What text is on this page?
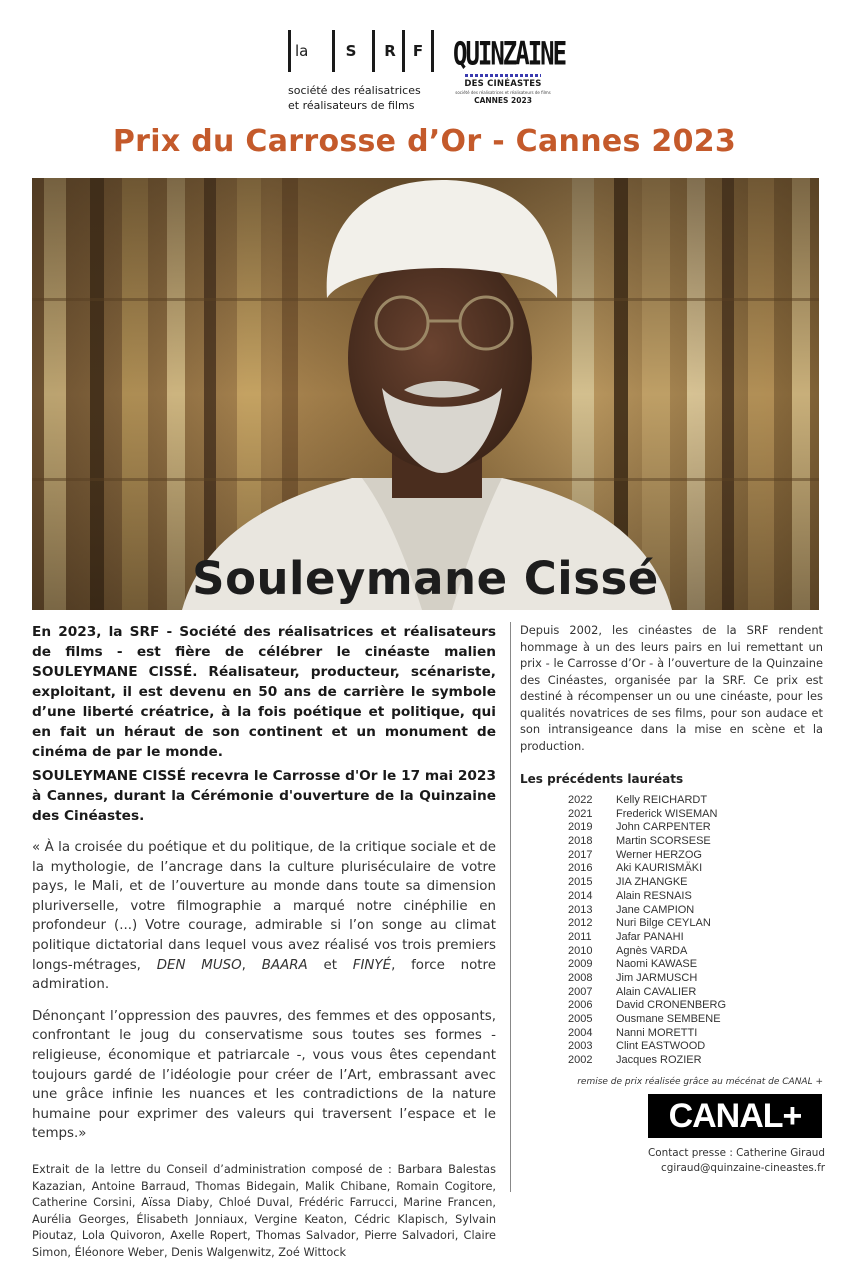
la	S	R	F
société des réalisatrices
et réalisateurs de films
QUINZAINE
DES CINÉASTES
société des réalisatrices et réalisateurs de films
CANNES 2023
Prix du Carrosse d’Or - Cannes 2023
Souleymane Cissé

En 2023, la SRF - Société des réalisatrices et réalisateurs de films - est fière de célébrer le cinéaste malien SOULEYMANE CISSÉ. Réalisateur, producteur, scénariste, exploitant, il est devenu en 50 ans de carrière le symbole d’une liberté créatrice, à la fois poétique et politique, qui en fait un héraut de son continent et un monument de cinéma de par le monde.

SOULEYMANE CISSÉ recevra le Carrosse d'Or le 17 mai 2023 à Cannes, durant la Cérémonie d'ouverture de la Quinzaine des Cinéastes.

« À la croisée du poétique et du politique, de la critique sociale et de la mythologie, de l’ancrage dans la culture pluriséculaire de votre pays, le Mali, et de l’ouverture au monde dans toute sa dimension pluriverselle, votre filmographie a marqué notre cinéphilie en profondeur (...) Votre courage, admirable si l’on songe au climat politique dictatorial dans lequel vous avez réalisé vos trois premiers longs-métrages, DEN MUSO, BAARA et FINYÉ, force notre admiration.

Dénonçant l’oppression des pauvres, des femmes et des opposants, confrontant le joug du conservatisme sous toutes ses formes - religieuse, économique et patriarcale -, vous vous êtes cependant toujours gardé de l’idéologie pour créer de l’Art, embrassant avec une grâce infinie les nuances et les contradictions de la nature humaine pour exprimer des valeurs qui traversent l’espace et le temps.»

Extrait de la lettre du Conseil d’administration composé de : Barbara Balestas Kazazian, Antoine Barraud, Thomas Bidegain, Malik Chibane, Romain Cogitore, Catherine Corsini, Aïssa Diaby, Chloé Duval, Frédéric Farrucci, Marine Francen, Aurélia Georges, Élisabeth Jonniaux, Vergine Keaton, Cédric Klapisch, Sylvain Pioutaz, Lola Quivoron, Axelle Ropert, Thomas Salvador, Pierre Salvadori, Claire Simon, Éléonore Weber, Denis Walgenwitz, Zoé Wittock

Depuis 2002, les cinéastes de la SRF rendent hommage à un des leurs pairs en lui remettant un prix - le Carrosse d’Or - à l’ouverture de la Quinzaine des Cinéastes, organisée par la SRF. Ce prix est destiné à récompenser un ou une cinéaste, pour les qualités novatrices de ses films, pour son audace et son intransigeance dans la mise en scène et la production.

Les précédents lauréats
2022	Kelly REICHARDT
2021	Frederick WISEMAN
2019	John CARPENTER
2018	Martin SCORSESE
2017	Werner HERZOG
2016	Aki KAURISMÄKI
2015	JIA ZHANGKE
2014	Alain RESNAIS
2013	Jane CAMPION
2012	Nuri Bilge CEYLAN
2011	Jafar PANAHI
2010	Agnès VARDA
2009	Naomi KAWASE
2008	Jim JARMUSCH
2007	Alain CAVALIER
2006	David CRONENBERG
2005	Ousmane SEMBENE
2004	Nanni MORETTI
2003	Clint EASTWOOD
2002	Jacques ROZIER
remise de prix réalisée grâce au mécénat de CANAL +
CANAL+
Contact presse : Catherine Giraud
cgiraud@quinzaine-cineastes.fr
